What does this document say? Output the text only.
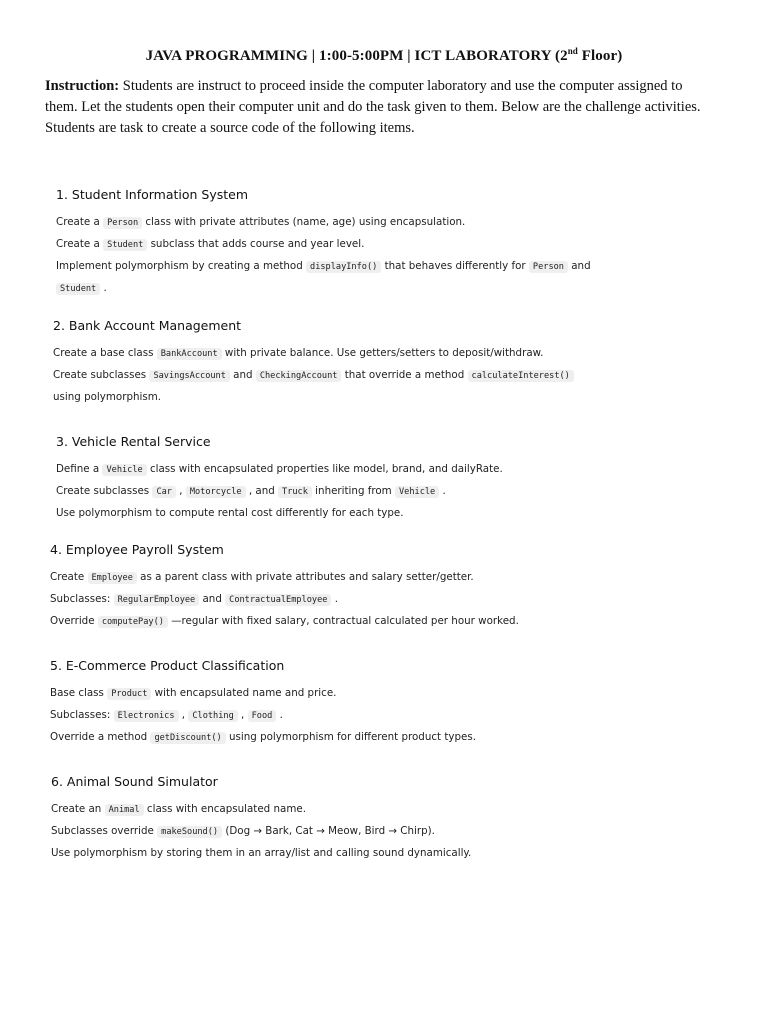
JAVA PROGRAMMING | 1:00-5:00PM | ICT LABORATORY (2nd Floor)
Instruction: Students are instruct to proceed inside the computer laboratory and use the computer assigned to them. Let the students open their computer unit and do the task given to them. Below are the challenge activities. Students are task to create a source code of the following items.
1. Student Information System
Create a Person class with private attributes (name, age) using encapsulation.
Create a Student subclass that adds course and year level.
Implement polymorphism by creating a method displayInfo() that behaves differently for Person and
Student .
2. Bank Account Management
Create a base class BankAccount with private balance. Use getters/setters to deposit/withdraw.
Create subclasses SavingsAccount and CheckingAccount that override a method calculateInterest()
using polymorphism.
3. Vehicle Rental Service
Define a Vehicle class with encapsulated properties like model, brand, and dailyRate.
Create subclasses Car , Motorcycle , and Truck inheriting from Vehicle .
Use polymorphism to compute rental cost differently for each type.
4. Employee Payroll System
Create Employee as a parent class with private attributes and salary setter/getter.
Subclasses: RegularEmployee and ContractualEmployee .
Override computePay() —regular with fixed salary, contractual calculated per hour worked.
5. E-Commerce Product Classification
Base class Product with encapsulated name and price.
Subclasses: Electronics , Clothing , Food .
Override a method getDiscount() using polymorphism for different product types.
6. Animal Sound Simulator
Create an Animal class with encapsulated name.
Subclasses override makeSound() (Dog → Bark, Cat → Meow, Bird → Chirp).
Use polymorphism by storing them in an array/list and calling sound dynamically.
